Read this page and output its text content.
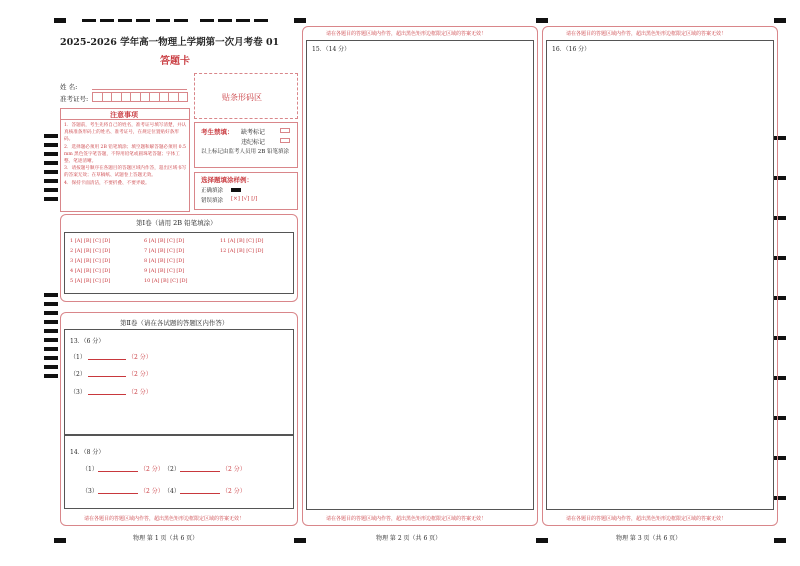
2025-2026 学年高一物理上学期第一次月考卷 01
答题卡
姓 名:
准考证号:	贴条形码区
注意事项
1．答题前，考生先将自己的姓名，准考证号填写清楚，并认真核准条形码上的姓名、准考证号，在规定位置贴好条形码。
2．选择题必须用 2B 铅笔填涂；填空题和解答题必须用 0.5 mm 黑色签字笔答题，不得用铅笔或圆珠笔答题；字体工整、笔迹清晰。
3．请按题号顺序在各题目的答题区域内作答，超出区域书写的答案无效；在草稿纸、试题卷上答题无效。
4．保持卡面清洁，不要折叠、不要弄破。
考生禁填： 缺考标记
违纪标记
以上标记由监考人员用 2B 铅笔填涂
选择题填涂样例：
正确填涂
错误填涂 [×] [√] [/]
第Ⅰ卷（请用 2B 铅笔填涂）
1 [A] [B] [C] [D]
2 [A] [B] [C] [D]
3 [A] [B] [C] [D]
4 [A] [B] [C] [D]
5 [A] [B] [C] [D]
6 [A] [B] [C] [D]
7 [A] [B] [C] [D]
8 [A] [B] [C] [D]
9 [A] [B] [C] [D]
10 [A] [B] [C] [D]
11 [A] [B] [C] [D]
12 [A] [B] [C] [D]
第Ⅱ卷（请在各试题的答题区内作答）
13．（6 分）
（1）	（2 分）
（2）	（2 分）
（3）	（2 分）
14．（8 分）
（1）	（2 分） （2）	（2 分）
（3）	（2 分） （4）	（2 分）
请在各题目的答题区域内作答，超出黑色矩形边框限定区域的答案无效！
物理 第 1 页（共 6 页）
请在各题目的答题区域内作答，超出黑色矩形边框限定区域的答案无效！
15．（14 分）
请在各题目的答题区域内作答，超出黑色矩形边框限定区域的答案无效！
物理 第 2 页（共 6 页）
请在各题目的答题区域内作答，超出黑色矩形边框限定区域的答案无效！
16．（16 分）
请在各题目的答题区域内作答，超出黑色矩形边框限定区域的答案无效！
物理 第 3 页（共 6 页）
